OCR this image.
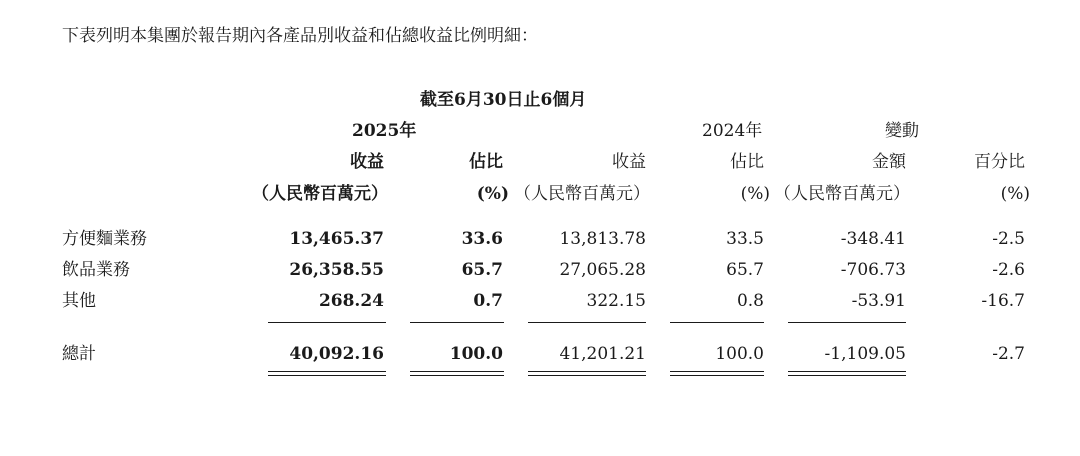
下表列明本集團於報告期內各產品別收益和佔總收益比例明細：
截至6月30日止6個月
2025年	2024年	變動
收益	佔比	收益	佔比	金額	百分比
（人民幣百萬元）	(%) （人民幣百萬元）	(%) （人民幣百萬元）	(%)
方便麵業務	13,465.37	33.6	13,813.78	33.5	-348.41	-2.5
飲品業務	26,358.55	65.7	27,065.28	65.7	-706.73	-2.6
其他	268.24	0.7	322.15	0.8	-53.91	-16.7
總計	40,092.16	100.0	41,201.21	100.0	-1,109.05	-2.7
